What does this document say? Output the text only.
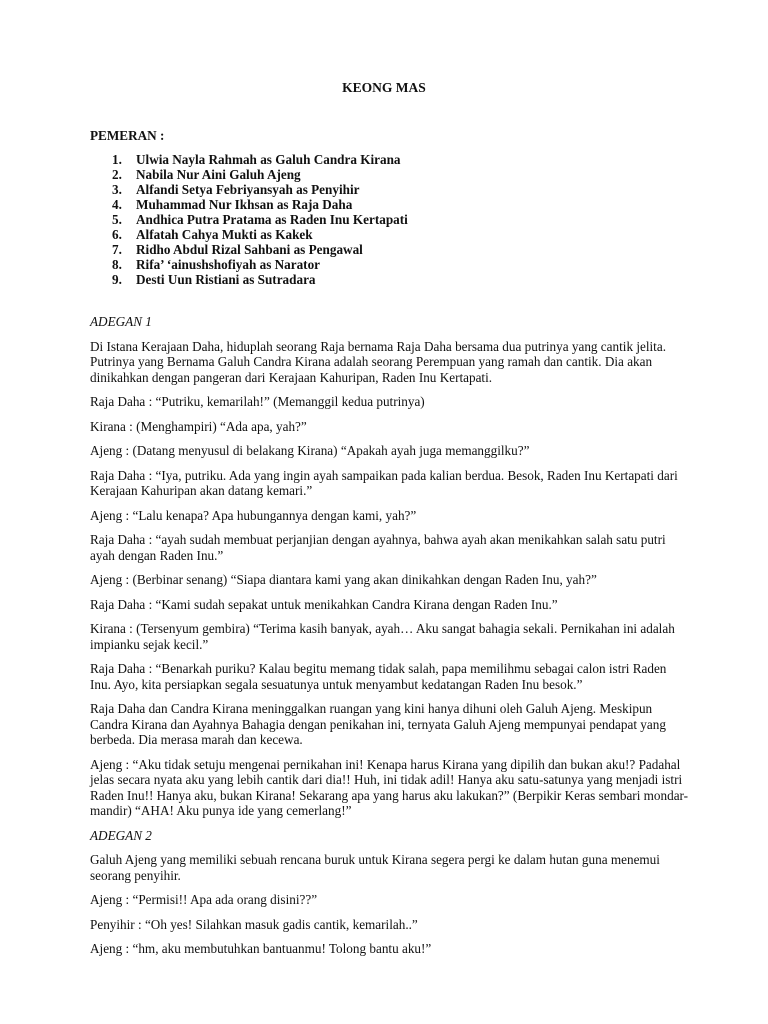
KEONG MAS
PEMERAN :
1. Ulwia Nayla Rahmah as Galuh Candra Kirana
2. Nabila Nur Aini Galuh Ajeng
3. Alfandi Setya Febriyansyah as Penyihir
4. Muhammad Nur Ikhsan as Raja Daha
5. Andhica Putra Pratama as Raden Inu Kertapati
6. Alfatah Cahya Mukti as Kakek
7. Ridho Abdul Rizal Sahbani as Pengawal
8. Rifa’ ‘ainushshofiyah as Narator
9. Desti Uun Ristiani as Sutradara

ADEGAN 1

Di Istana Kerajaan Daha, hiduplah seorang Raja bernama Raja Daha bersama dua putrinya yang cantik jelita. Putrinya yang Bernama Galuh Candra Kirana adalah seorang Perempuan yang ramah dan cantik. Dia akan dinikahkan dengan pangeran dari Kerajaan Kahuripan, Raden Inu Kertapati.

Raja Daha : “Putriku, kemarilah!” (Memanggil kedua putrinya)

Kirana : (Menghampiri) “Ada apa, yah?”

Ajeng : (Datang menyusul di belakang Kirana) “Apakah ayah juga memanggilku?”

Raja Daha : “Iya, putriku. Ada yang ingin ayah sampaikan pada kalian berdua. Besok, Raden Inu Kertapati dari Kerajaan Kahuripan akan datang kemari.”

Ajeng : “Lalu kenapa? Apa hubungannya dengan kami, yah?”

Raja Daha : “ayah sudah membuat perjanjian dengan ayahnya, bahwa ayah akan menikahkan salah satu putri ayah dengan Raden Inu.”

Ajeng : (Berbinar senang) “Siapa diantara kami yang akan dinikahkan dengan Raden Inu, yah?”

Raja Daha : “Kami sudah sepakat untuk menikahkan Candra Kirana dengan Raden Inu.”

Kirana : (Tersenyum gembira) “Terima kasih banyak, ayah… Aku sangat bahagia sekali. Pernikahan ini adalah impianku sejak kecil.”

Raja Daha : “Benarkah puriku? Kalau begitu memang tidak salah, papa memilihmu sebagai calon istri Raden Inu. Ayo, kita persiapkan segala sesuatunya untuk menyambut kedatangan Raden Inu besok.”

Raja Daha dan Candra Kirana meninggalkan ruangan yang kini hanya dihuni oleh Galuh Ajeng. Meskipun Candra Kirana dan Ayahnya Bahagia dengan penikahan ini, ternyata Galuh Ajeng mempunyai pendapat yang berbeda. Dia merasa marah dan kecewa.

Ajeng : “Aku tidak setuju mengenai pernikahan ini! Kenapa harus Kirana yang dipilih dan bukan aku!? Padahal jelas secara nyata aku yang lebih cantik dari dia!! Huh, ini tidak adil! Hanya aku satu-satunya yang menjadi istri Raden Inu!! Hanya aku, bukan Kirana! Sekarang apa yang harus aku lakukan?” (Berpikir Keras sembari mondar-mandir) “AHA! Aku punya ide yang cemerlang!”

ADEGAN 2

Galuh Ajeng yang memiliki sebuah rencana buruk untuk Kirana segera pergi ke dalam hutan guna menemui seorang penyihir.

Ajeng : “Permisi!! Apa ada orang disini??”

Penyihir : “Oh yes! Silahkan masuk gadis cantik, kemarilah..”

Ajeng : “hm, aku membutuhkan bantuanmu! Tolong bantu aku!”
